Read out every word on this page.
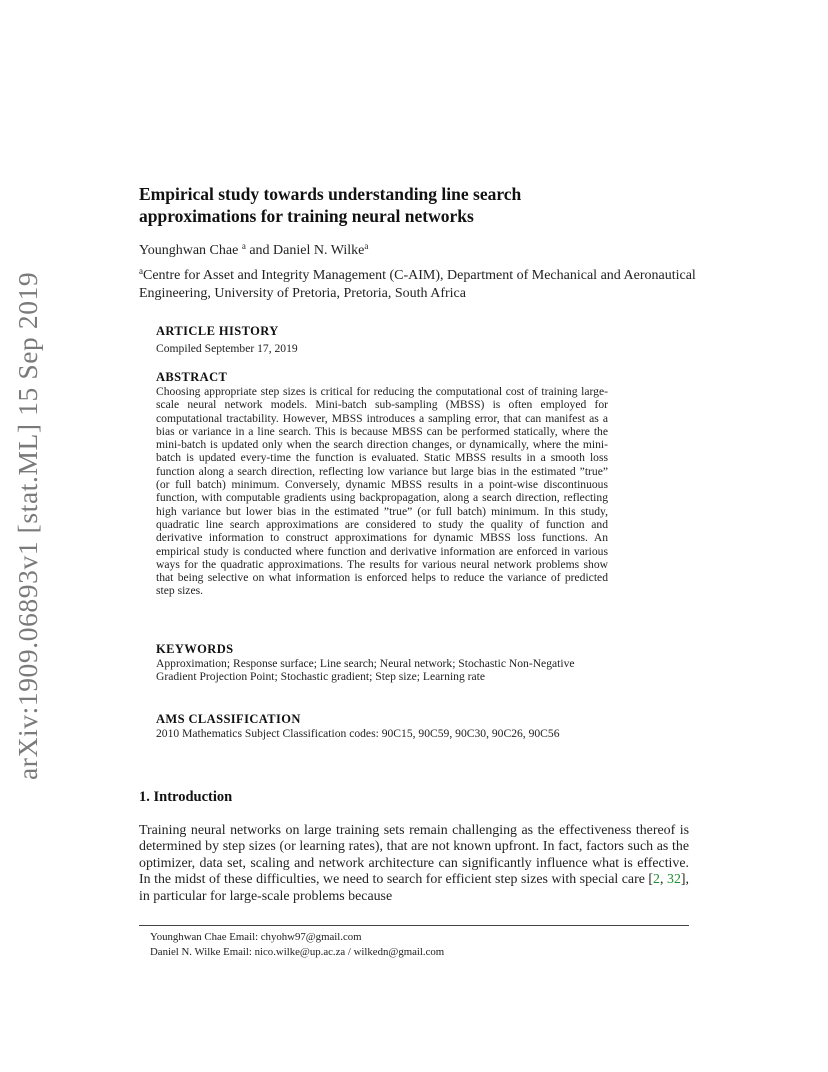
arXiv:1909.06893v1 [stat.ML] 15 Sep 2019
Empirical study towards understanding line search
approximations for training neural networks
Younghwan Chae $^a$ and Daniel N. Wilke$^a$
$^a$Centre for Asset and Integrity Management (C-AIM), Department of Mechanical and Aeronautical Engineering, University of Pretoria, Pretoria, South Africa
ARTICLE HISTORY
Compiled September 17, 2019
ABSTRACT
Choosing appropriate step sizes is critical for reducing the computational cost of training large-scale neural network models. Mini-batch sub-sampling (MBSS) is often employed for computational tractability. However, MBSS introduces a sampling error, that can manifest as a bias or variance in a line search. This is because MBSS can be performed statically, where the mini-batch is updated only when the search direction changes, or dynamically, where the mini-batch is updated every-time the function is evaluated. Static MBSS results in a smooth loss function along a search direction, reflecting low variance but large bias in the estimated ”true” (or full batch) minimum. Conversely, dynamic MBSS results in a point-wise discontinuous function, with computable gradients using backpropagation, along a search direction, reflecting high variance but lower bias in the estimated ”true” (or full batch) minimum. In this study, quadratic line search approximations are considered to study the quality of function and derivative information to construct approximations for dynamic MBSS loss functions. An empirical study is conducted where function and derivative information are enforced in various ways for the quadratic approximations. The results for various neural network problems show that being selective on what information is enforced helps to reduce the variance of predicted step sizes.
KEYWORDS
Approximation; Response surface; Line search; Neural network; Stochastic Non-Negative Gradient Projection Point; Stochastic gradient; Step size; Learning rate
AMS CLASSIFICATION
2010 Mathematics Subject Classification codes: 90C15, 90C59, 90C30, 90C26, 90C56
1. Introduction
Training neural networks on large training sets remain challenging as the effectiveness thereof is determined by step sizes (or learning rates), that are not known upfront. In fact, factors such as the optimizer, data set, scaling and network architecture can significantly influence what is effective. In the midst of these difficulties, we need to search for efficient step sizes with special care [2, 32], in particular for large-scale problems because
Younghwan Chae Email: chyohw97@gmail.com
Daniel N. Wilke Email: nico.wilke@up.ac.za / wilkedn@gmail.com
